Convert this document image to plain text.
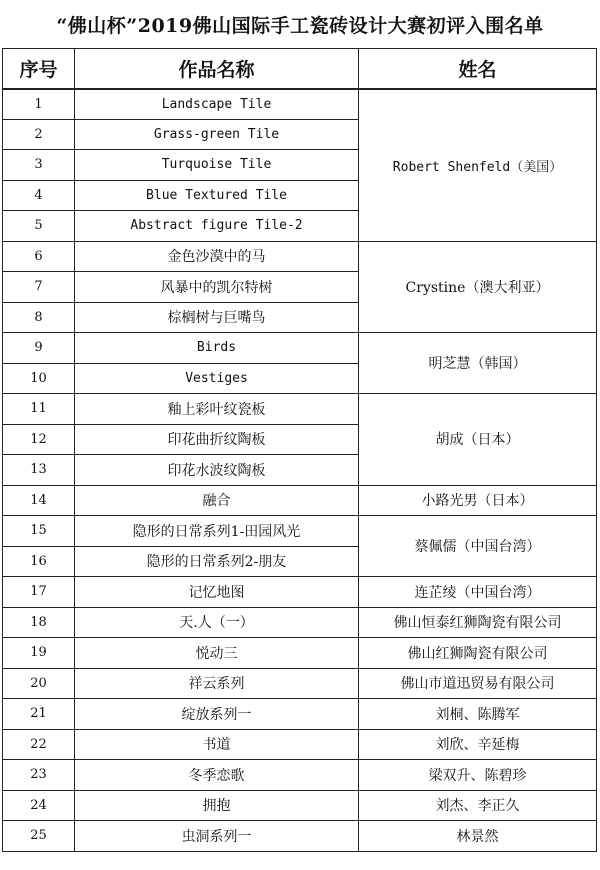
“佛山杯”2019佛山国际手工瓷砖设计大赛初评入围名单
序号	作品名称	姓名
1	Landscape Tile	Robert Shenfeld（美国）
2	Grass-green Tile	
3	Turquoise Tile	
4	Blue Textured Tile	
5	Abstract figure Tile-2	
6	金色沙漠中的马	Crystine（澳大利亚）
7	风暴中的凯尔特树	
8	棕榈树与巨嘴鸟	
9	Birds	明芝慧（韩国）
10	Vestiges	
11	釉上彩叶纹瓷板	胡成（日本）
12	印花曲折纹陶板	
13	印花水波纹陶板	
14	融合	小路光男（日本）
15	隐形的日常系列1-田园风光	蔡佩儒（中国台湾）
16	隐形的日常系列2-朋友	
17	记忆地图	连芷绫（中国台湾）
18	天.人（一）	佛山恒泰红狮陶瓷有限公司
19	悦动三	佛山红狮陶瓷有限公司
20	祥云系列	佛山市道迅贸易有限公司
21	绽放系列一	刘桐、陈腾军
22	书道	刘欣、辛延梅
23	冬季恋歌	梁双升、陈碧珍
24	拥抱	刘杰、李正久
25	虫洞系列一	林景然
